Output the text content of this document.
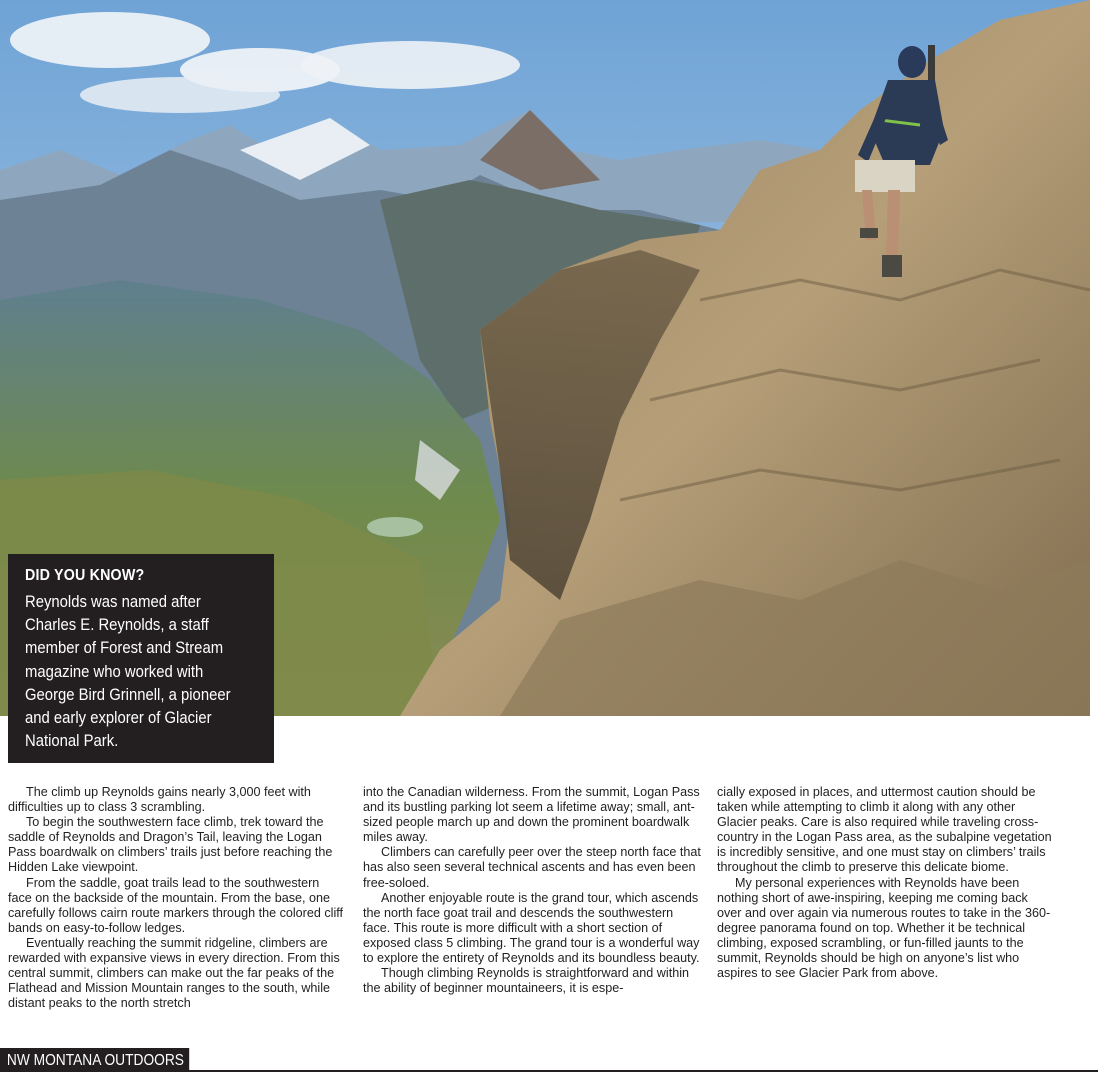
DID YOU KNOW?
Reynolds was named after
Charles E. Reynolds, a staff
member of Forest and Stream
magazine who worked with
George Bird Grinnell, a pioneer
and early explorer of Glacier
National Park.

The climb up Reynolds gains nearly 3,000 feet with difficulties up to class 3 scrambling.

To begin the southwestern face climb, trek toward the saddle of Reynolds and Dragon’s Tail, leaving the Logan Pass boardwalk on climbers’ trails just before reaching the Hidden Lake viewpoint.

From the saddle, goat trails lead to the southwestern face on the backside of the mountain. From the base, one carefully follows cairn route markers through the colored cliff bands on easy-to-follow ledges.

Eventually reaching the summit ridgeline, climbers are rewarded with expansive views in every direction. From this central summit, climbers can make out the far peaks of the Flathead and Mission Mountain ranges to the south, while distant peaks to the north stretch

into the Canadian wilderness. From the summit, Logan Pass and its bustling parking lot seem a lifetime away; small, ant-sized people march up and down the prominent boardwalk miles away.

Climbers can carefully peer over the steep north face that has also seen several technical ascents and has even been free-soloed.

Another enjoyable route is the grand tour, which ascends the north face goat trail and descends the southwestern face. This route is more difficult with a short section of exposed class 5 climbing. The grand tour is a wonderful way to explore the entirety of Reynolds and its boundless beauty.

Though climbing Reynolds is straightforward and within the ability of beginner mountaineers, it is espe-

cially exposed in places, and uttermost caution should be taken while attempting to climb it along with any other Glacier peaks. Care is also required while traveling cross-country in the Logan Pass area, as the subalpine vegetation is incredibly sensitive, and one must stay on climbers’ trails throughout the climb to preserve this delicate biome.

My personal experiences with Reynolds have been nothing short of awe-inspiring, keeping me coming back over and over again via numerous routes to take in the 360-degree panorama found on top. Whether it be technical climbing, exposed scrambling, or fun-filled jaunts to the summit, Reynolds should be high on anyone’s list who aspires to see Glacier Park from above.

NW MONTANA OUTDOORS
